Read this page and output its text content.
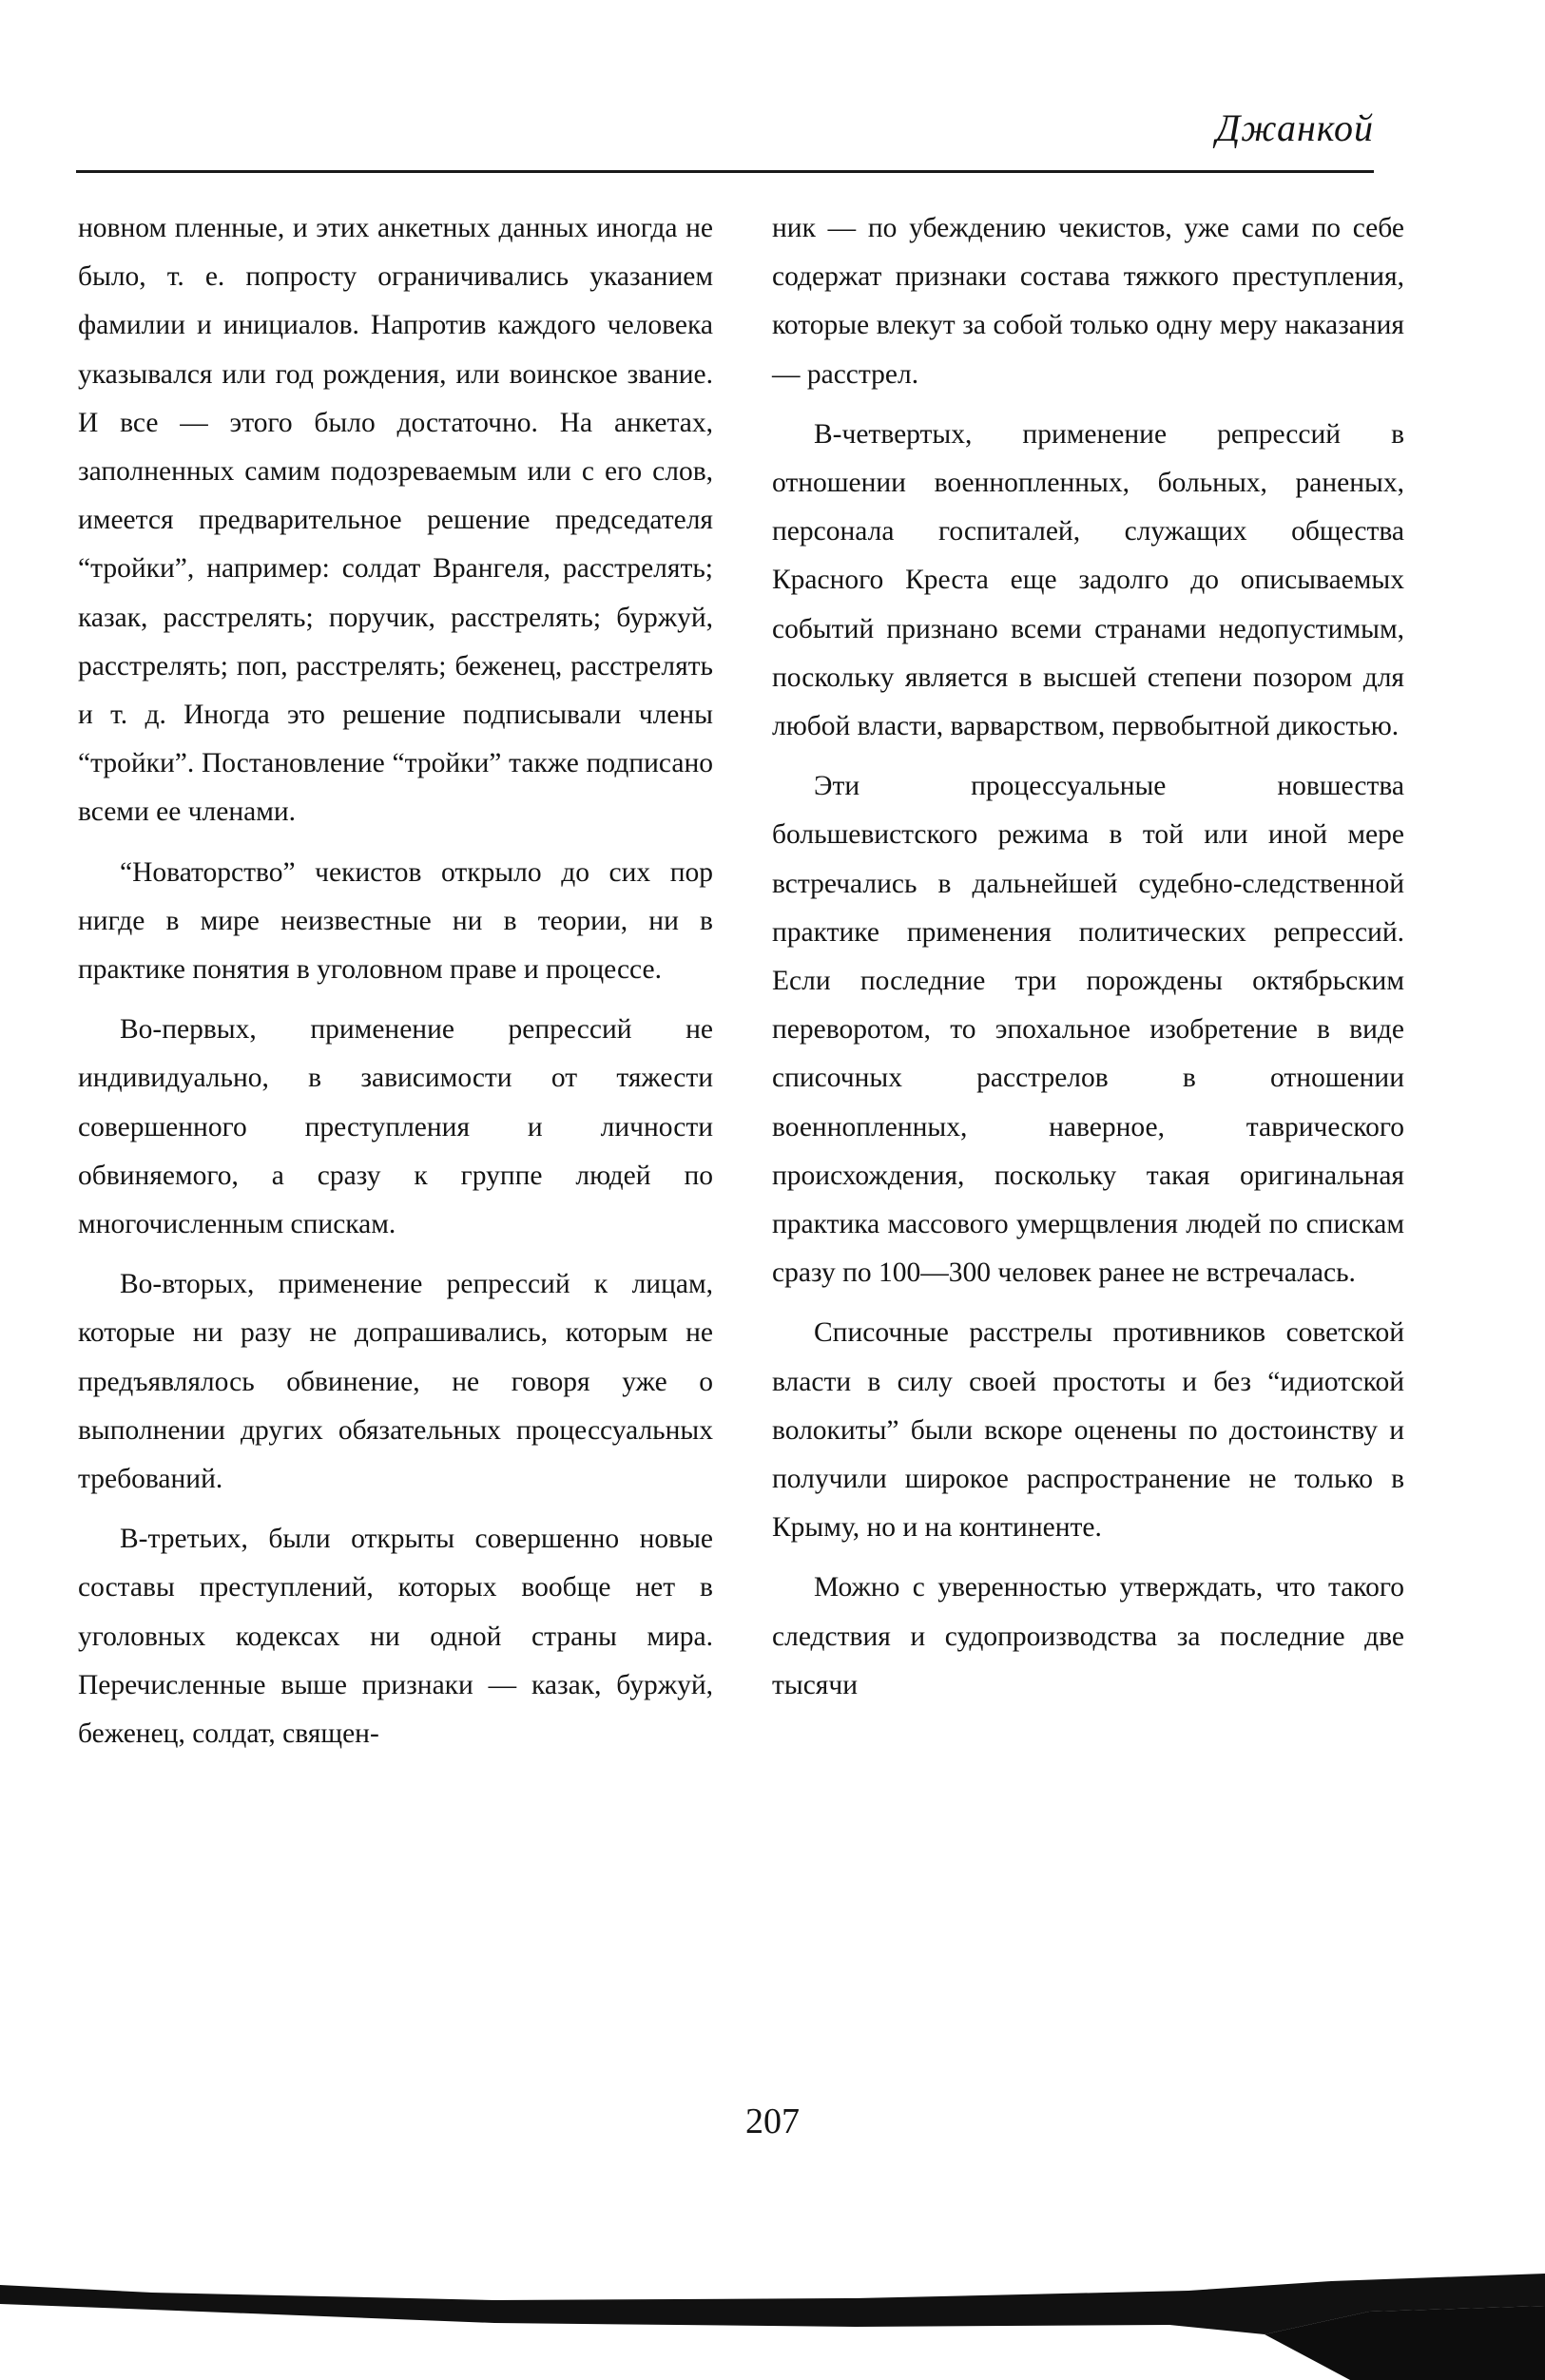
Джанкой

новном пленные, и этих анкетных данных иногда не было, т. е. попросту ограничивались указанием фамилии и инициалов. Напротив каждого человека указывался или год рождения, или воинское звание. И все — этого было достаточно. На анкетах, заполненных самим подозреваемым или с его слов, имеется предварительное решение председателя “тройки”, например: солдат Врангеля, расстрелять; казак, расстрелять; поручик, расстрелять; буржуй, расстрелять; поп, расстрелять; беженец, расстрелять и т. д. Иногда это решение подписывали члены “тройки”. Постановление “тройки” также подписано всеми ее членами.

“Новаторство” чекистов открыло до сих пор нигде в мире неизвестные ни в теории, ни в практике понятия в уголовном праве и процессе.

Во-первых, применение репрессий не индивидуально, в зависимости от тяжести совершенного преступления и личности обвиняемого, а сразу к группе людей по многочисленным спискам.

Во-вторых, применение репрессий к лицам, которые ни разу не допрашивались, которым не предъявлялось обвинение, не говоря уже о выполнении других обязательных процессуальных требований.

В-третьих, были открыты совершенно новые составы преступлений, которых вообще нет в уголовных кодексах ни одной страны мира. Перечисленные выше признаки — казак, буржуй, беженец, солдат, священ-

ник — по убеждению чекистов, уже сами по себе содержат признаки состава тяжкого преступления, которые влекут за собой только одну меру наказания — расстрел.

В-четвертых, применение репрессий в отношении военнопленных, больных, раненых, персонала госпиталей, служащих общества Красного Креста еще задолго до описываемых событий признано всеми странами недопустимым, поскольку является в высшей степени позором для любой власти, варварством, первобытной дикостью.

Эти процессуальные новшества большевистского режима в той или иной мере встречались в дальнейшей судебно-следственной практике применения политических репрессий. Если последние три порождены октябрьским переворотом, то эпохальное изобретение в виде списочных расстрелов в отношении военнопленных, наверное, таврического происхождения, поскольку такая оригинальная практика массового умерщвления людей по спискам сразу по 100—300 человек ранее не встречалась.

Списочные расстрелы противников советской власти в силу своей простоты и без “идиотской волокиты” были вскоре оценены по достоинству и получили широкое распространение не только в Крыму, но и на континенте.

Можно с уверенностью утверждать, что такого следствия и судопроизводства за последние две тысячи

207
